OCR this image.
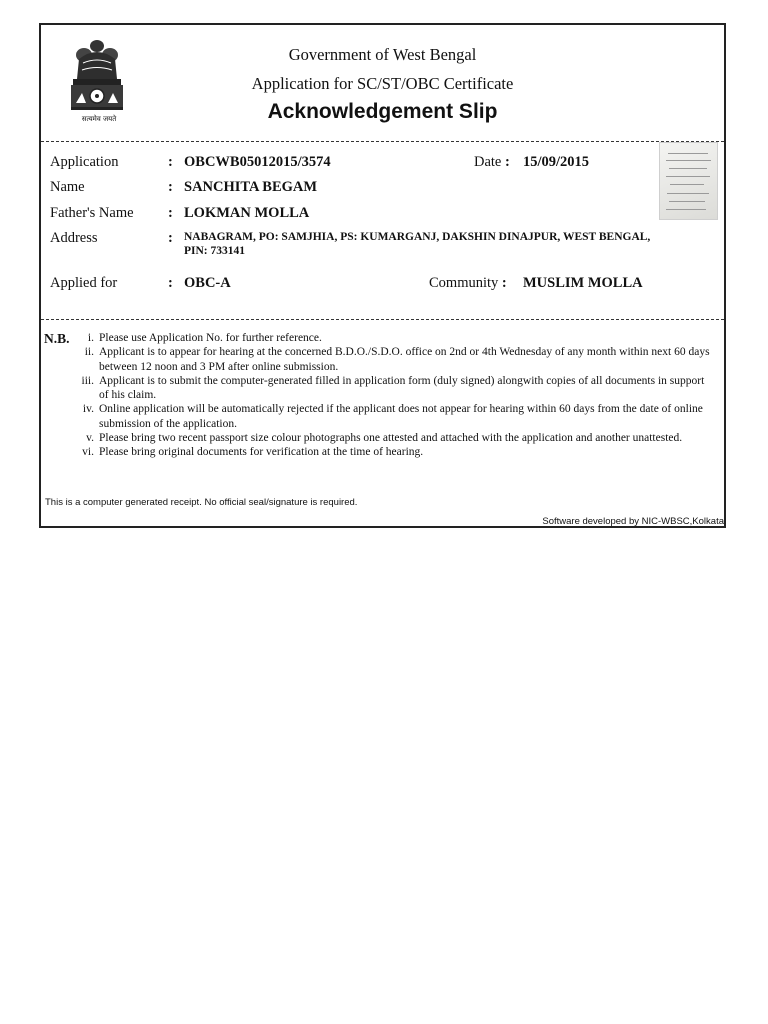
सत्यमेव जयते
Government of West Bengal
Application for SC/ST/OBC Certificate
Acknowledgement Slip
Application	: OBCWB05012015/3574	Date : 15/09/2015
Name	: SANCHITA BEGAM
Father's Name : LOKMAN MOLLA
Address	: NABAGRAM, PO: SAMJHIA, PS: KUMARGANJ, DAKSHIN DINAJPUR, WEST BENGAL,
PIN: 733141
Applied for	: OBC-A	Community : MUSLIM MOLLA
N.B.	i. Please use Application No. for further reference.
ii. Applicant is to appear for hearing at the concerned B.D.O./S.D.O. office on 2nd or 4th Wednesday of any month within next 60 days between 12 noon and 3 PM after online submission.
iii. Applicant is to submit the computer-generated filled in application form (duly signed) alongwith copies of all documents in support of his claim.
iv. Online application will be automatically rejected if the applicant does not appear for hearing within 60 days from the date of online submission of the application.
v. Please bring two recent passport size colour photographs one attested and attached with the application and another unattested.
vi. Please bring original documents for verification at the time of hearing.
This is a computer generated receipt. No official seal/signature is required.
Software developed by NIC-WBSC,Kolkata
